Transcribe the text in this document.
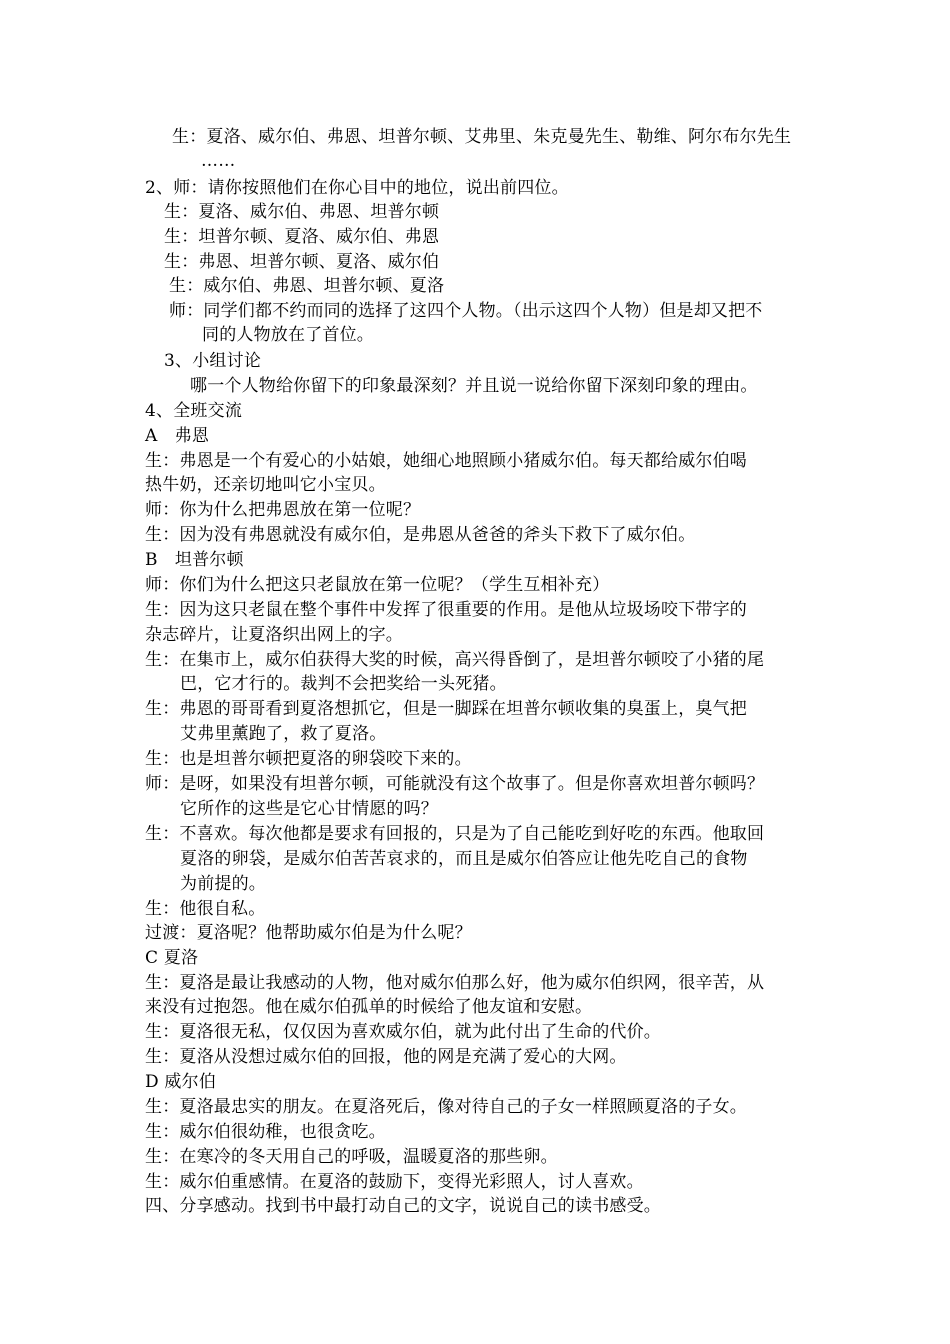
生：夏洛、威尔伯、弗恩、坦普尔顿、艾弗里、朱克曼先生、勒维、阿尔布尔先生
……
2、师：请你按照他们在你心目中的地位，说出前四位。
生：夏洛、威尔伯、弗恩、坦普尔顿
生：坦普尔顿、夏洛、威尔伯、弗恩
生：弗恩、坦普尔顿、夏洛、威尔伯
生：威尔伯、弗恩、坦普尔顿、夏洛
师：同学们都不约而同的选择了这四个人物。（出示这四个人物）但是却又把不
同的人物放在了首位。
3、小组讨论
哪一个人物给你留下的印象最深刻？并且说一说给你留下深刻印象的理由。
4、全班交流
A　弗恩
生：弗恩是一个有爱心的小姑娘，她细心地照顾小猪威尔伯。每天都给威尔伯喝
热牛奶，还亲切地叫它小宝贝。
师：你为什么把弗恩放在第一位呢？
生：因为没有弗恩就没有威尔伯，是弗恩从爸爸的斧头下救下了威尔伯。
B　坦普尔顿
师：你们为什么把这只老鼠放在第一位呢？（学生互相补充）
生：因为这只老鼠在整个事件中发挥了很重要的作用。是他从垃圾场咬下带字的
杂志碎片，让夏洛织出网上的字。
生：在集市上，威尔伯获得大奖的时候，高兴得昏倒了，是坦普尔顿咬了小猪的尾
巴，它才行的。裁判不会把奖给一头死猪。
生：弗恩的哥哥看到夏洛想抓它，但是一脚踩在坦普尔顿收集的臭蛋上，臭气把
艾弗里薰跑了，救了夏洛。
生：也是坦普尔顿把夏洛的卵袋咬下来的。
师：是呀，如果没有坦普尔顿，可能就没有这个故事了。但是你喜欢坦普尔顿吗？
它所作的这些是它心甘情愿的吗？
生：不喜欢。每次他都是要求有回报的，只是为了自己能吃到好吃的东西。他取回
夏洛的卵袋，是威尔伯苦苦哀求的，而且是威尔伯答应让他先吃自己的食物
为前提的。
生：他很自私。
过渡：夏洛呢？他帮助威尔伯是为什么呢？
C 夏洛
生：夏洛是最让我感动的人物，他对威尔伯那么好，他为威尔伯织网，很辛苦，从
来没有过抱怨。他在威尔伯孤单的时候给了他友谊和安慰。
生：夏洛很无私，仅仅因为喜欢威尔伯，就为此付出了生命的代价。
生：夏洛从没想过威尔伯的回报，他的网是充满了爱心的大网。
D 威尔伯
生：夏洛最忠实的朋友。在夏洛死后，像对待自己的子女一样照顾夏洛的子女。
生：威尔伯很幼稚，也很贪吃。
生：在寒冷的冬天用自己的呼吸，温暖夏洛的那些卵。
生：威尔伯重感情。在夏洛的鼓励下，变得光彩照人，讨人喜欢。
四、分享感动。找到书中最打动自己的文字，说说自己的读书感受。
